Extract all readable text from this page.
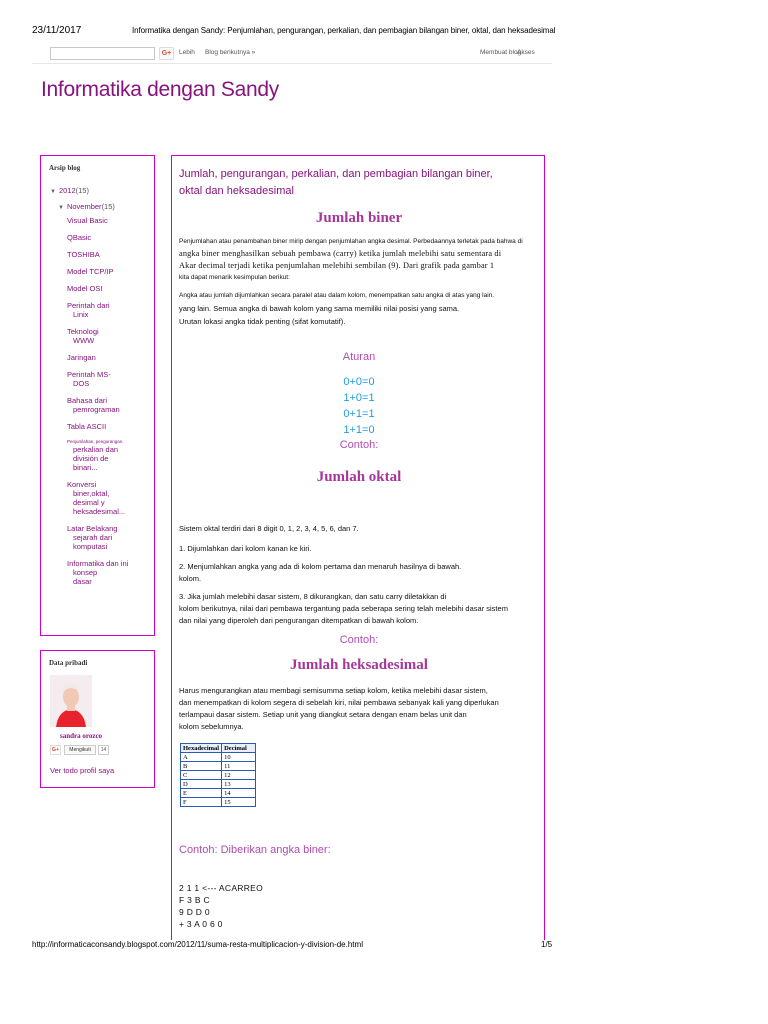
23/11/2017	Informatika dengan Sandy: Penjumlahan, pengurangan, perkalian, dan pembagian bilangan biner, oktal, dan heksadesimal
G+	Lebih Blog berikutnya »	Membuat blog
Akses
Informatika dengan Sandy
Arsip blog
▼ 2012(15)
▼ November(15)
Visual Basic
QBasic
TOSHIBA
Model TCP/IP
Model OSI
Perintah dari
Linix
Teknologi
WWW
Jaringan
Perintah MS-
DOS
Bahasa dari
pemrograman
Tabla ASCII
Penjumlahan, pengurangan,
perkalian dan
división de
binari...
Konversi
biner,oktal,
desimal y
heksadesimal...
Latar Belakang
sejarah dari
komputasi
Informatika dan ini
konsep
dasar
Data pribadi
sandra orozco
G+	Mengikuti	14
Ver todo profil saya
Jumlah, pengurangan, perkalian, dan pembagian bilangan biner, oktal dan heksadesimal
Jumlah biner
Penjumlahan atau penambahan biner mirip dengan penjumlahan angka desimal. Perbedaannya terletak pada bahwa di
angka biner menghasilkan sebuah pembawa (carry) ketika jumlah melebihi satu sementara di
Akar decimal terjadi ketika penjumlahan melebihi sembilan (9). Dari grafik pada gambar 1
kita dapat menarik kesimpulan berikut:
Angka atau jumlah dijumlahkan secara paralel atau dalam kolom, menempatkan satu angka di atas yang lain.
yang lain. Semua angka di bawah kolom yang sama memiliki nilai posisi yang sama.
Urutan lokasi angka tidak penting (sifat komutatif).
Aturan
0+0=0
1+0=1
0+1=1
1+1=0
Contoh:
Jumlah oktal
Sistem oktal terdiri dari 8 digit 0, 1, 2, 3, 4, 5, 6, dan 7.
1. Dijumlahkan dari kolom kanan ke kiri.
2. Menjumlahkan angka yang ada di kolom pertama dan menaruh hasilnya di bawah.
kolom.
3. Jika jumlah melebihi dasar sistem, 8 dikurangkan, dan satu carry diletakkan di
kolom berikutnya, nilai dari pembawa tergantung pada seberapa sering telah melebihi dasar sistem
dan nilai yang diperoleh dari pengurangan ditempatkan di bawah kolom.
Contoh:
Jumlah heksadesimal
Harus mengurangkan atau membagi semisumma setiap kolom, ketika melebihi dasar sistem,
dan menempatkan di kolom segera di sebelah kiri, nilai pembawa sebanyak kali yang diperlukan
terlampaui dasar sistem. Setiap unit yang diangkut setara dengan enam belas unit dan
kolom sebelumnya.
Hexadecimal	Decimal
A	10
B	11
C	12
D	13
E	14
F	15
Contoh: Diberikan angka biner:
2 1 1 <--- ACARREO
F 3 B C
9 D D 0
+ 3 A 0 6 0
http://informaticaconsandy.blogspot.com/2012/11/suma-resta-multiplicacion-y-division-de.html	1/5
